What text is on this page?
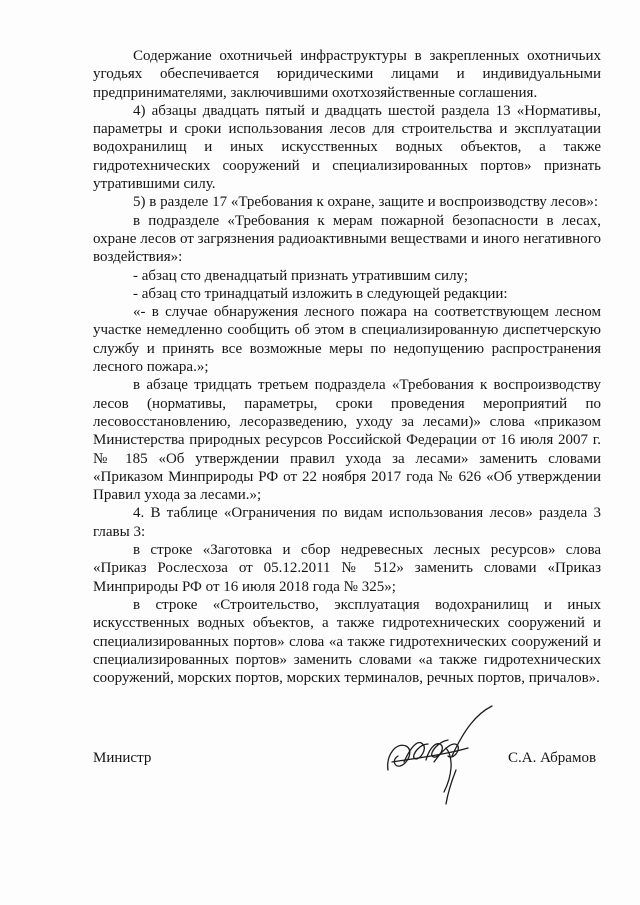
Содержание охотничьей инфраструктуры в закрепленных охотничьих угодьях обеспечивается юридическими лицами и индивидуальными предпринимателями, заключившими охотхозяйственные соглашения.

4) абзацы двадцать пятый и двадцать шестой раздела 13 «Нормативы, параметры и сроки использования лесов для строительства и эксплуатации водохранилищ и иных искусственных водных объектов, а также гидротехнических сооружений и специализированных портов» признать утратившими силу.

5) в разделе 17 «Требования к охране, защите и воспроизводству лесов»:

в подразделе «Требования к мерам пожарной безопасности в лесах, охране лесов от загрязнения радиоактивными веществами и иного негативного воздействия»:

- абзац сто двенадцатый признать утратившим силу;

- абзац сто тринадцатый изложить в следующей редакции:

«- в случае обнаружения лесного пожара на соответствующем лесном участке немедленно сообщить об этом в специализированную диспетчерскую службу и принять все возможные меры по недопущению распространения лесного пожара.»;

в абзаце тридцать третьем подраздела «Требования к воспроизводству лесов (нормативы, параметры, сроки проведения мероприятий по лесовосстановлению, лесоразведению, уходу за лесами)» слова «приказом Министерства природных ресурсов Российской Федерации от 16 июля 2007 г. № 185 «Об утверждении правил ухода за лесами» заменить словами «Приказом Минприроды РФ от 22 ноября 2017 года № 626 «Об утверждении Правил ухода за лесами.»;

4. В таблице «Ограничения по видам использования лесов» раздела 3 главы 3:

в строке «Заготовка и сбор недревесных лесных ресурсов» слова «Приказ Рослесхоза от 05.12.2011 № 512» заменить словами «Приказ Минприроды РФ от 16 июля 2018 года № 325»;

в строке «Строительство, эксплуатация водохранилищ и иных искусственных водных объектов, а также гидротехнических сооружений и специализированных портов» слова «а также гидротехнических сооружений и специализированных портов» заменить словами «а также гидротехнических сооружений, морских портов, морских терминалов, речных портов, причалов».

Министр	С.А. Абрамов
